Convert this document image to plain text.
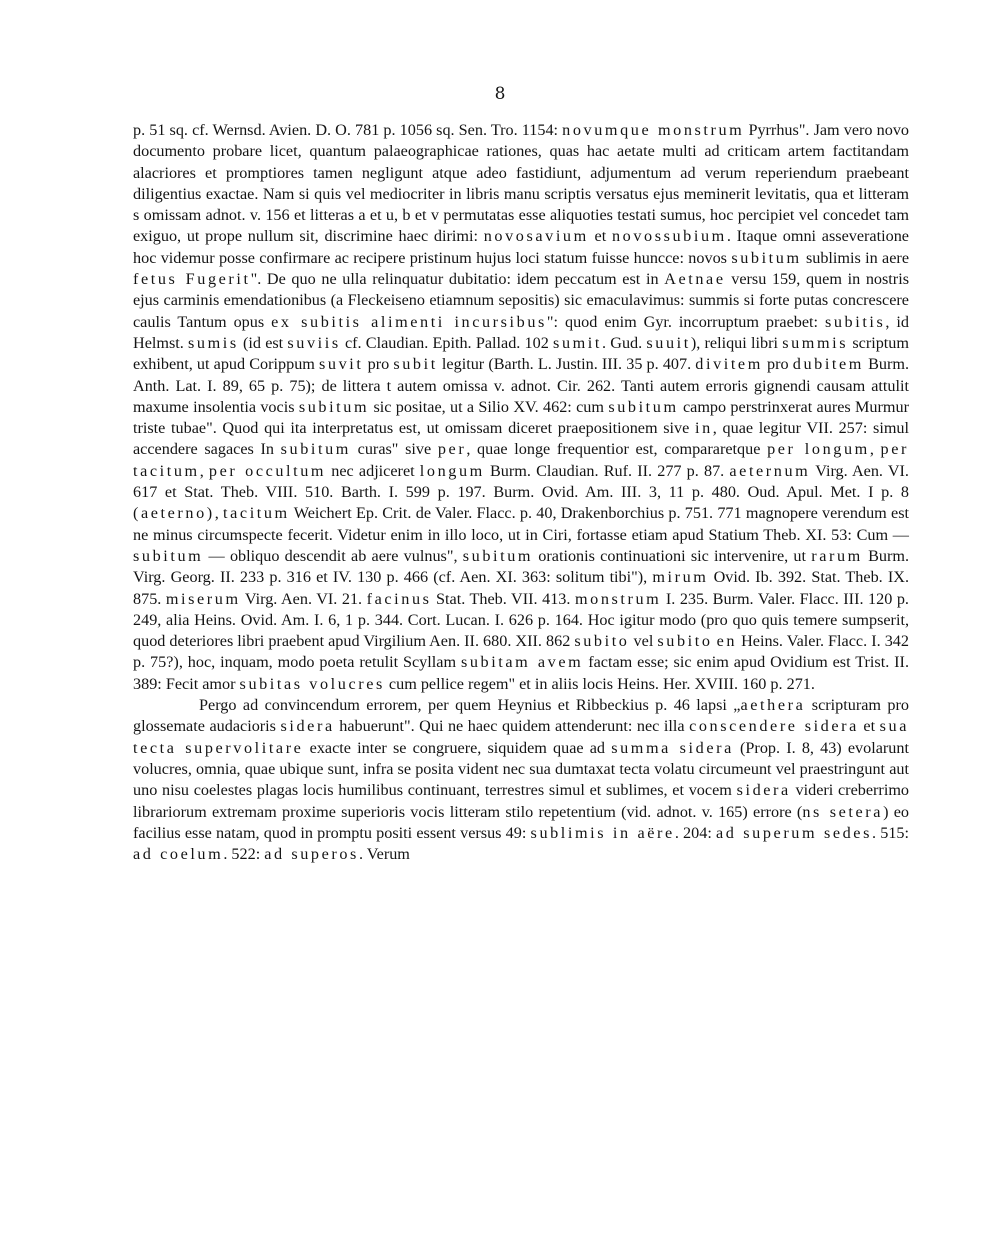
8

p. 51 sq. cf. Wernsd. Avien. D. O. 781 p. 1056 sq. Sen. Tro. 1154: novumque monstrum Pyrrhus". Jam vero novo documento probare licet, quantum palaeographicae rationes, quas hac aetate multi ad criticam artem factitandam alacriores et promptiores tamen negligunt atque adeo fastidiunt, adjumentum ad verum reperiendum praebeant diligentius exactae. Nam si quis vel mediocriter in libris manu scriptis versatus ejus meminerit levitatis, qua et litteram s omissam adnot. v. 156 et litteras a et u, b et v permutatas esse aliquoties testati sumus, hoc percipiet vel concedet tam exiguo, ut prope nullum sit, discrimine haec dirimi: novosavium et novossubium. Itaque omni asseveratione hoc videmur posse confirmare ac recipere pristinum hujus loci statum fuisse huncce: novos subitum sublimis in aere fetus Fugerit". De quo ne ulla relinquatur dubitatio: idem peccatum est in Aetnae versu 159, quem in nostris ejus carminis emendationibus (a Fleckeiseno etiamnum sepositis) sic emaculavimus: summis si forte putas concrescere caulis Tantum opus ex subitis alimenti incursibus": quod enim Gyr. incorruptum praebet: subitis, id Helmst. sumis (id est suviis cf. Claudian. Epith. Pallad. 102 sumit. Gud. suuit), reliqui libri summis scriptum exhibent, ut apud Corippum suvit pro subit legitur (Barth. L. Justin. III. 35 p. 407. divitem pro dubitem Burm. Anth. Lat. I. 89, 65 p. 75); de littera t autem omissa v. adnot. Cir. 262. Tanti autem erroris gignendi causam attulit maxume insolentia vocis subitum sic positae, ut a Silio XV. 462: cum subitum campo perstrinxerat aures Murmur triste tubae". Quod qui ita interpretatus est, ut omissam diceret praepositionem sive in, quae legitur VII. 257: simul accendere sagaces In subitum curas" sive per, quae longe frequentior est, compararetque per longum, per tacitum, per occultum nec adjiceret longum Burm. Claudian. Ruf. II. 277 p. 87. aeternum Virg. Aen. VI. 617 et Stat. Theb. VIII. 510. Barth. I. 599 p. 197. Burm. Ovid. Am. III. 3, 11 p. 480. Oud. Apul. Met. I p. 8 (aeterno), tacitum Weichert Ep. Crit. de Valer. Flacc. p. 40, Drakenborchius p. 751. 771 magnopere verendum est ne minus circumspecte fecerit. Videtur enim in illo loco, ut in Ciri, fortasse etiam apud Statium Theb. XI. 53: Cum — subitum — obliquo descendit ab aere vulnus", subitum orationis continuationi sic intervenire, ut rarum Burm. Virg. Georg. II. 233 p. 316 et IV. 130 p. 466 (cf. Aen. XI. 363: solitum tibi"), mirum Ovid. Ib. 392. Stat. Theb. IX. 875. miserum Virg. Aen. VI. 21. facinus Stat. Theb. VII. 413. monstrum I. 235. Burm. Valer. Flacc. III. 120 p. 249, alia Heins. Ovid. Am. I. 6, 1 p. 344. Cort. Lucan. I. 626 p. 164. Hoc igitur modo (pro quo quis temere sumpserit, quod deteriores libri praebent apud Virgilium Aen. II. 680. XII. 862 subito vel subito en Heins. Valer. Flacc. I. 342 p. 75?), hoc, inquam, modo poeta retulit Scyllam subitam avem factam esse; sic enim apud Ovidium est Trist. II. 389: Fecit amor subitas volucres cum pellice regem" et in aliis locis Heins. Her. XVIII. 160 p. 271.

Pergo ad convincendum errorem, per quem Heynius et Ribbeckius p. 46 lapsi „aethera scripturam pro glossemate audacioris sidera habuerunt". Qui ne haec quidem attenderunt: nec illa conscendere sidera et sua tecta supervolitare exacte inter se congruere, siquidem quae ad summa sidera (Prop. I. 8, 43) evolarunt volucres, omnia, quae ubique sunt, infra se posita vident nec sua dumtaxat tecta volatu circumeunt vel praestringunt aut uno nisu coelestes plagas locis humilibus continuant, terrestres simul et sublimes, et vocem sidera videri creberrimo librariorum extremam proxime superioris vocis litteram stilo repetentium (vid. adnot. v. 165) errore (ns setera) eo facilius esse natam, quod in promptu positi essent versus 49: sublimis in aëre. 204: ad superum sedes. 515: ad coelum. 522: ad superos. Verum
